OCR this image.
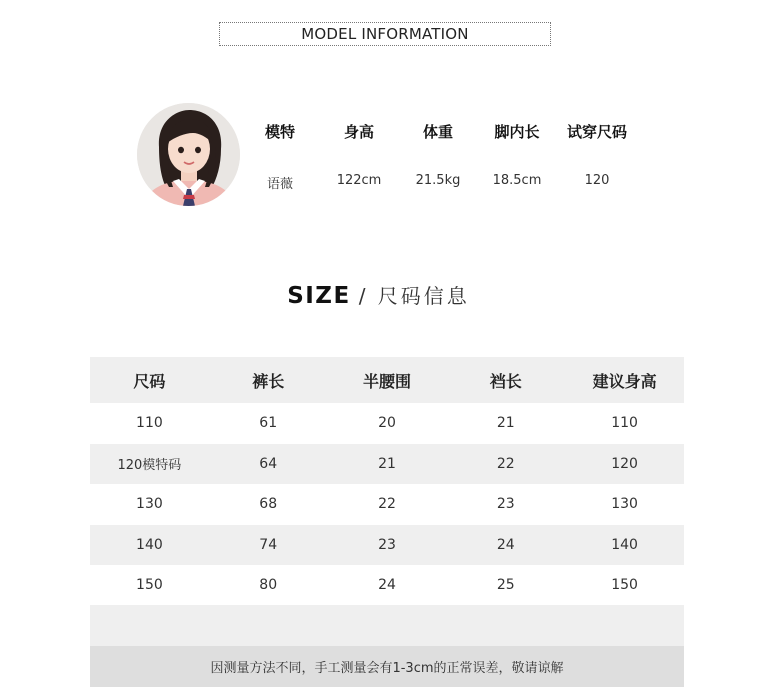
MODEL INFORMATION
模特	身高	体重	脚内长	试穿尺码
语薇	122cm	21.5kg	18.5cm	120
SIZE / 尺码信息
尺码	裤长	半腰围	裆长	建议身高
110	61	20	21	110
120模特码	64	21	22	120
130	68	22	23	130
140	74	23	24	140
150	80	24	25	150
因测量方法不同，手工测量会有1-3cm的正常误差，敬请谅解
